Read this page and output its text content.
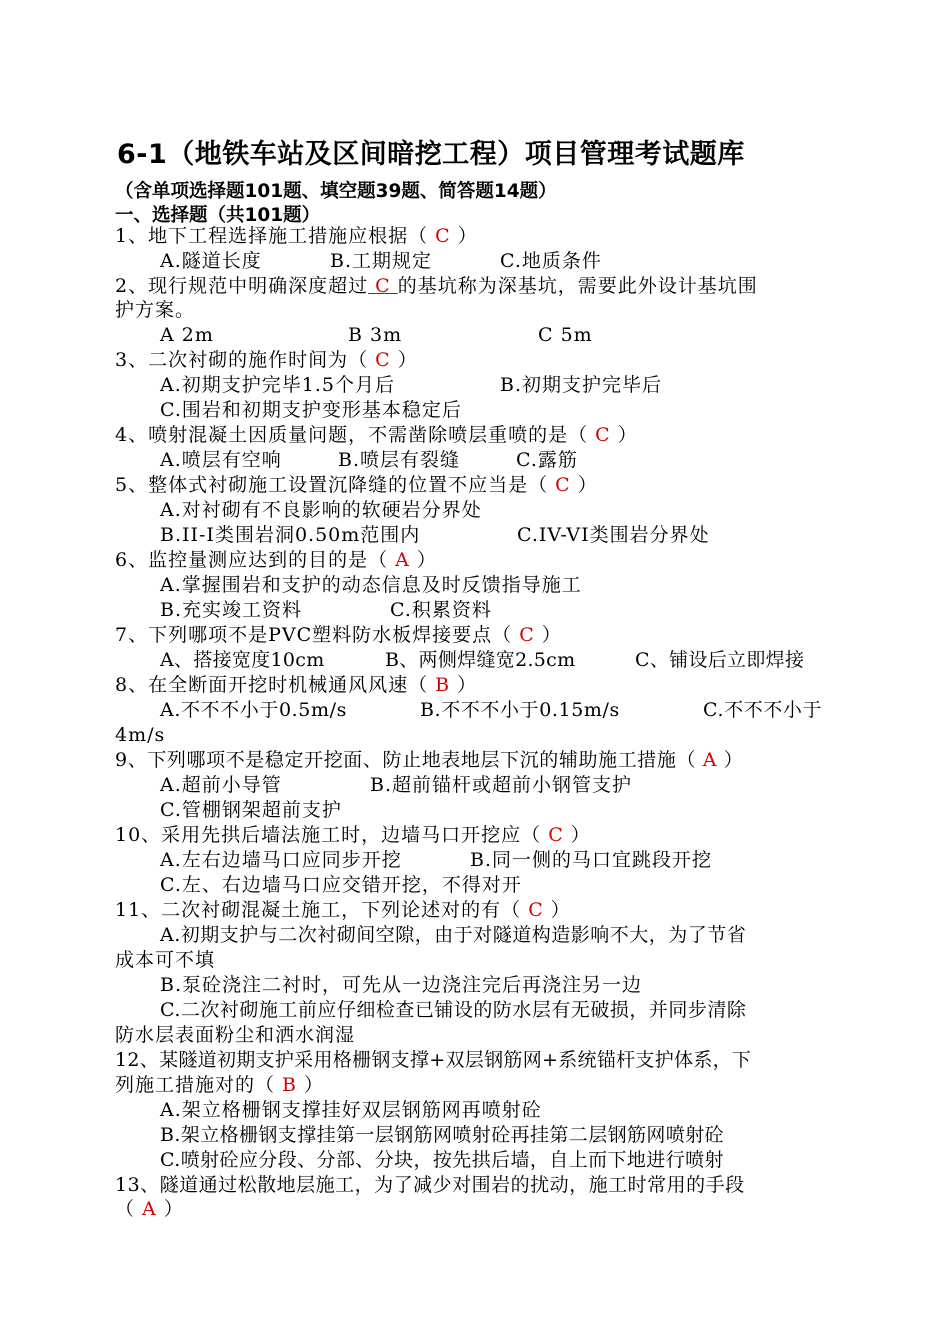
6-1（地铁车站及区间暗挖工程）项目管理考试题库
（含单项选择题101题、填空题39题、简答题14题）
一、选择题（共101题）
1、地下工程选择施工措施应根据（ C ）
A.隧道长度	B.工期规定	C.地质条件
2、现行规范中明确深度超过 C 的基坑称为深基坑，需要此外设计基坑围
护方案。
A 2m	B 3m	C 5m
3、二次衬砌的施作时间为（ C ）
A.初期支护完毕1.5个月后	B.初期支护完毕后
C.围岩和初期支护变形基本稳定后
4、喷射混凝土因质量问题，不需凿除喷层重喷的是（ C ）
A.喷层有空响	B.喷层有裂缝	C.露筋
5、整体式衬砌施工设置沉降缝的位置不应当是（ C ）
A.对衬砌有不良影响的软硬岩分界处
B.II-I类围岩洞0.50m范围内	C.IV-VI类围岩分界处
6、监控量测应达到的目的是（ A ）
A.掌握围岩和支护的动态信息及时反馈指导施工
B.充实竣工资料	C.积累资料
7、下列哪项不是PVC塑料防水板焊接要点（ C ）
A、搭接宽度10cm	B、两侧焊缝宽2.5cm	C、铺设后立即焊接
8、在全断面开挖时机械通风风速（ B ）
A.不不不小于0.5m/s	B.不不不小于0.15m/s	C.不不不小于
4m/s
9、下列哪项不是稳定开挖面、防止地表地层下沉的辅助施工措施（ A ）
A.超前小导管	B.超前锚杆或超前小钢管支护
C.管棚钢架超前支护
10、采用先拱后墙法施工时，边墙马口开挖应（ C ）
A.左右边墙马口应同步开挖	B.同一侧的马口宜跳段开挖
C.左、右边墙马口应交错开挖，不得对开
11、二次衬砌混凝土施工，下列论述对的有（ C ）
A.初期支护与二次衬砌间空隙，由于对隧道构造影响不大，为了节省
成本可不填
B.泵砼浇注二衬时，可先从一边浇注完后再浇注另一边
C.二次衬砌施工前应仔细检查已铺设的防水层有无破损，并同步清除
防水层表面粉尘和洒水润湿
12、某隧道初期支护采用格栅钢支撑+双层钢筋网+系统锚杆支护体系，下
列施工措施对的（ B ）
A.架立格栅钢支撑挂好双层钢筋网再喷射砼
B.架立格栅钢支撑挂第一层钢筋网喷射砼再挂第二层钢筋网喷射砼
C.喷射砼应分段、分部、分块，按先拱后墙，自上而下地进行喷射
13、隧道通过松散地层施工，为了减少对围岩的扰动，施工时常用的手段
（ A ）
